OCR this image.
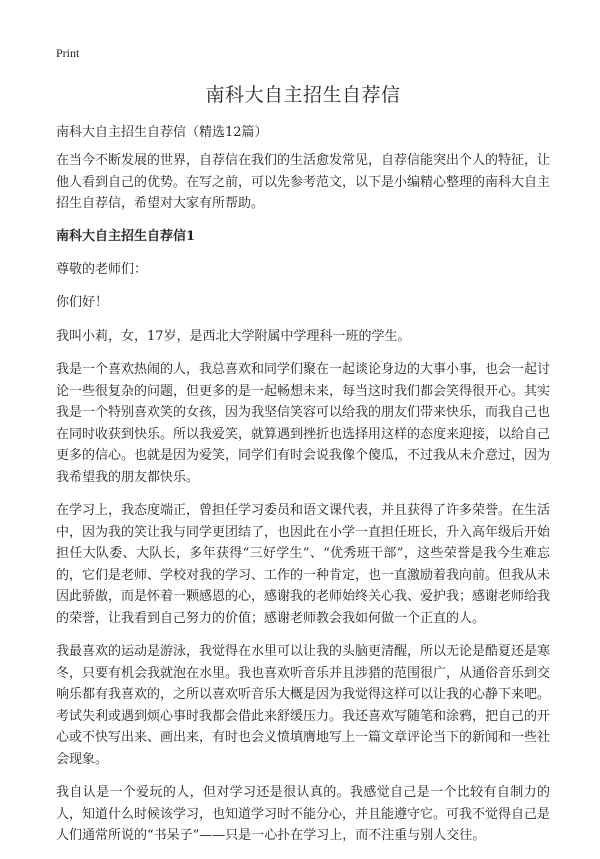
Print
南科大自主招生自荐信

南科大自主招生自荐信（精选12篇）

在当今不断发展的世界，自荐信在我们的生活愈发常见，自荐信能突出个人的特征，让他人看到自己的优势。在写之前，可以先参考范文，以下是小编精心整理的南科大自主招生自荐信，希望对大家有所帮助。

南科大自主招生自荐信1

尊敬的老师们：

你们好！

我叫小莉，女，17岁，是西北大学附属中学理科一班的学生。

我是一个喜欢热闹的人，我总喜欢和同学们聚在一起谈论身边的大事小事，也会一起讨论一些很复杂的问题，但更多的是一起畅想未来，每当这时我们都会笑得很开心。其实我是一个特别喜欢笑的女孩，因为我坚信笑容可以给我的朋友们带来快乐，而我自己也在同时收获到快乐。所以我爱笑，就算遇到挫折也选择用这样的态度来迎接，以给自己更多的信心。也就是因为爱笑，同学们有时会说我像个傻瓜，不过我从未介意过，因为我希望我的朋友都快乐。

在学习上，我态度端正，曾担任学习委员和语文课代表，并且获得了许多荣誉。在生活中，因为我的笑让我与同学更团结了，也因此在小学一直担任班长，升入高年级后开始担任大队委、大队长，多年获得“三好学生”、“优秀班干部”，这些荣誉是我今生难忘的，它们是老师、学校对我的学习、工作的一种肯定，也一直激励着我向前。但我从未因此骄傲，而是怀着一颗感恩的心，感谢我的老师始终关心我、爱护我；感谢老师给我的荣誉，让我看到自己努力的价值；感谢老师教会我如何做一个正直的人。

我最喜欢的运动是游泳，我觉得在水里可以让我的头脑更清醒，所以无论是酷夏还是寒冬，只要有机会我就泡在水里。我也喜欢听音乐并且涉猎的范围很广，从通俗音乐到交响乐都有我喜欢的，之所以喜欢听音乐大概是因为我觉得这样可以让我的心静下来吧。考试失利或遇到烦心事时我都会借此来舒缓压力。我还喜欢写随笔和涂鸦，把自己的开心或不快写出来、画出来，有时也会义愤填膺地写上一篇文章评论当下的新闻和一些社会现象。

我自认是一个爱玩的人，但对学习还是很认真的。我感觉自己是一个比较有自制力的人，知道什么时候该学习，也知道学习时不能分心，并且能遵守它。可我不觉得自己是人们通常所说的“书呆子”——只是一心扑在学习上，而不注重与别人交往。
